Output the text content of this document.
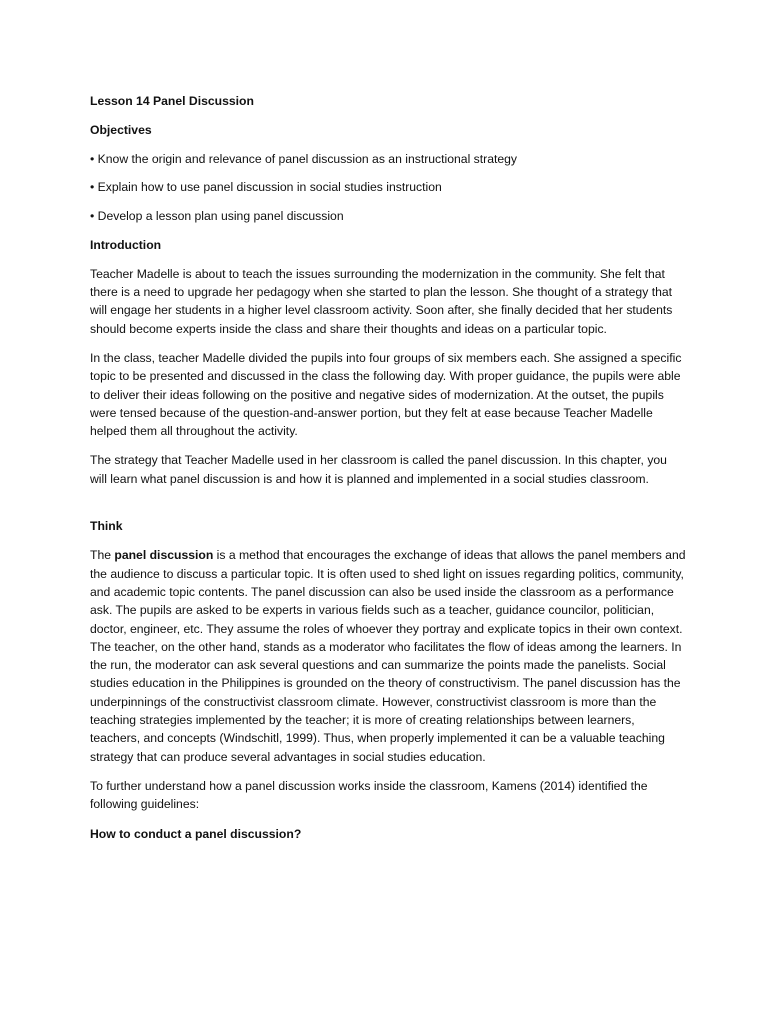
Lesson 14 Panel Discussion

Objectives

• Know the origin and relevance of panel discussion as an instructional strategy

• Explain how to use panel discussion in social studies instruction

• Develop a lesson plan using panel discussion

Introduction

Teacher Madelle is about to teach the issues surrounding the modernization in the community. She felt that there is a need to upgrade her pedagogy when she started to plan the lesson. She thought of a strategy that will engage her students in a higher level classroom activity. Soon after, she finally decided that her students should become experts inside the class and share their thoughts and ideas on a particular topic.

In the class, teacher Madelle divided the pupils into four groups of six members each. She assigned a specific topic to be presented and discussed in the class the following day. With proper guidance, the pupils were able to deliver their ideas following on the positive and negative sides of modernization. At the outset, the pupils were tensed because of the question-and-answer portion, but they felt at ease because Teacher Madelle helped them all throughout the activity.

The strategy that Teacher Madelle used in her classroom is called the panel discussion. In this chapter, you will learn what panel discussion is and how it is planned and implemented in a social studies classroom.

Think

The panel discussion is a method that encourages the exchange of ideas that allows the panel members and the audience to discuss a particular topic. It is often used to shed light on issues regarding politics, community, and academic topic contents. The panel discussion can also be used inside the classroom as a performance ask. The pupils are asked to be experts in various fields such as a teacher, guidance councilor, politician, doctor, engineer, etc. They assume the roles of whoever they portray and explicate topics in their own context. The teacher, on the other hand, stands as a moderator who facilitates the flow of ideas among the learners. In the run, the moderator can ask several questions and can summarize the points made the panelists. Social studies education in the Philippines is grounded on the theory of constructivism. The panel discussion has the underpinnings of the constructivist classroom climate. However, constructivist classroom is more than the teaching strategies implemented by the teacher; it is more of creating relationships between learners, teachers, and concepts (Windschitl, 1999). Thus, when properly implemented it can be a valuable teaching strategy that can produce several advantages in social studies education.

To further understand how a panel discussion works inside the classroom, Kamens (2014) identified the following guidelines:

How to conduct a panel discussion?
